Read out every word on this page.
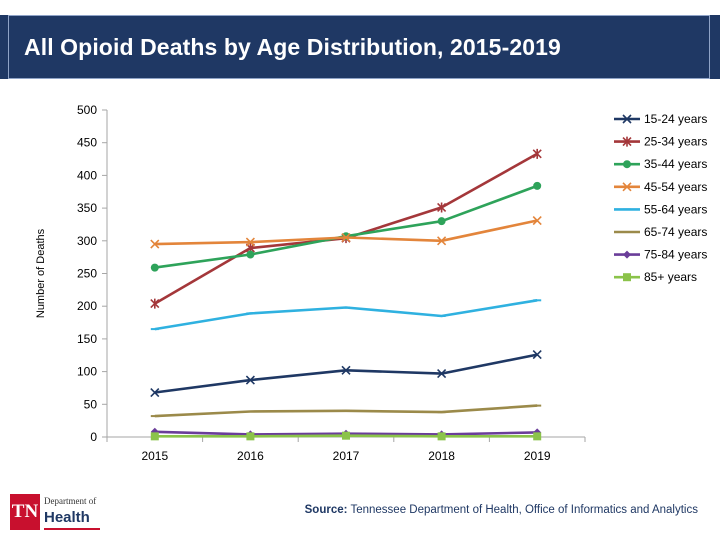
All Opioid Deaths by Age Distribution, 2015-2019
0
50
100
150
200
250
300
350
400
450
500
2015	2016	2017	2018	2019
Number of Deaths
15-24 years
25-34 years
35-44 years
45-54 years
55-64 years
65-74 years
75-84 years
85+ years
TN Department of
Health	Source: Tennessee Department of Health, Office of Informatics and Analytics
